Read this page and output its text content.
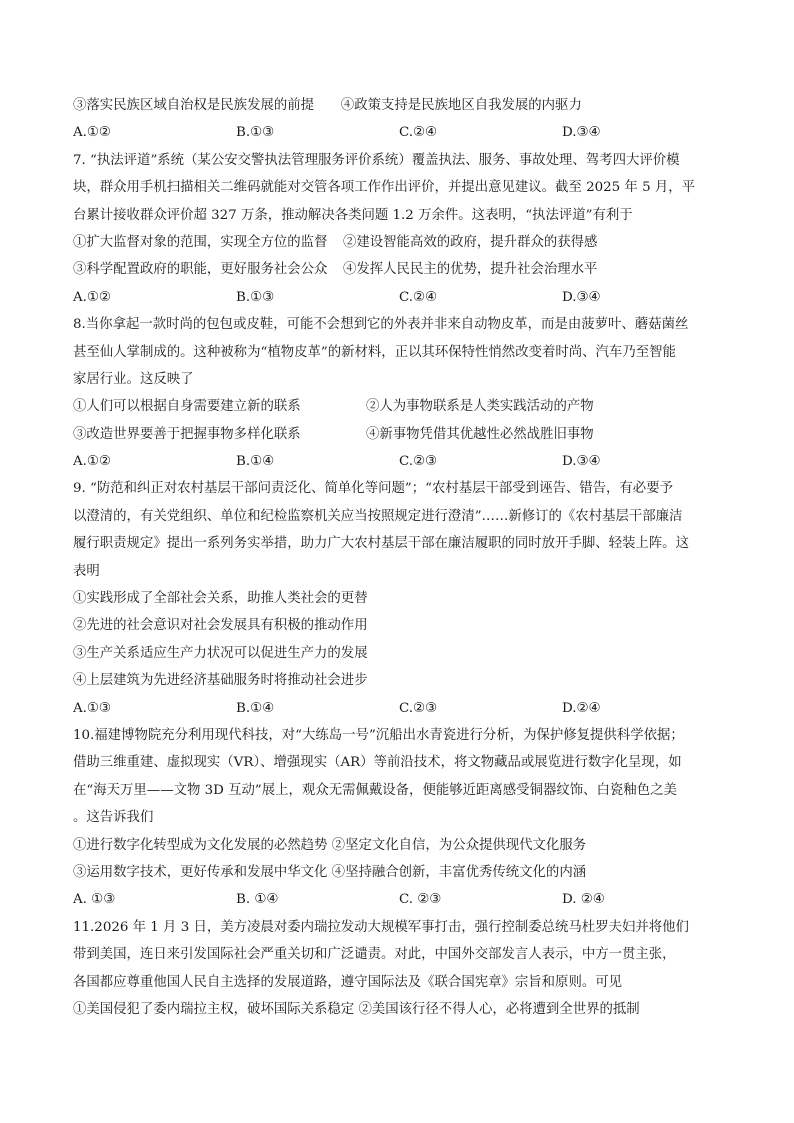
③落实民族区域自治权是民族发展的前提　　④政策支持是民族地区自我发展的内驱力
A.①②	B.①③	C.②④	D.③④
7. “执法评道”系统（某公安交警执法管理服务评价系统）覆盖执法、服务、事故处理、驾考四大评价模
块，群众用手机扫描相关二维码就能对交管各项工作作出评价，并提出意见建议。截至 2025 年 5 月，平
台累计接收群众评价超 327 万条，推动解决各类问题 1.2 万余件。这表明，“执法评道”有利于
①扩大监督对象的范围，实现全方位的监督	②建设智能高效的政府，提升群众的获得感
③科学配置政府的职能，更好服务社会公众	④发挥人民民主的优势，提升社会治理水平
A.①②	B.①③	C.②④	D.③④
8.当你拿起一款时尚的包包或皮鞋，可能不会想到它的外表并非来自动物皮革，而是由菠萝叶、蘑菇菌丝
甚至仙人掌制成的。这种被称为“植物皮革”的新材料，正以其环保特性悄然改变着时尚、汽车乃至智能
家居行业。这反映了
①人们可以根据自身需要建立新的联系	②人为事物联系是人类实践活动的产物
③改造世界要善于把握事物多样化联系	④新事物凭借其优越性必然战胜旧事物
A.①②	B.①④	C.②③	D.③④
9. “防范和纠正对农村基层干部问责泛化、简单化等问题”；“农村基层干部受到诬告、错告，有必要予
以澄清的，有关党组织、单位和纪检监察机关应当按照规定进行澄清”……新修订的《农村基层干部廉洁
履行职责规定》提出一系列务实举措，助力广大农村基层干部在廉洁履职的同时放开手脚、轻装上阵。这
表明
①实践形成了全部社会关系，助推人类社会的更替
②先进的社会意识对社会发展具有积极的推动作用
③生产关系适应生产力状况可以促进生产力的发展
④上层建筑为先进经济基础服务时将推动社会进步
A.①③	B.①④	C.②③	D.②④
10.福建博物院充分利用现代科技，对“大练岛一号”沉船出水青瓷进行分析，为保护修复提供科学依据；
借助三维重建、虚拟现实（VR）、增强现实（AR）等前沿技术，将文物藏品或展览进行数字化呈现，如
在“海天万里——文物 3D 互动”展上，观众无需佩戴设备，便能够近距离感受铜器纹饰、白瓷釉色之美
。这告诉我们
①进行数字化转型成为文化发展的必然趋势 ②坚定文化自信，为公众提供现代文化服务
③运用数字技术，更好传承和发展中华文化 ④坚持融合创新，丰富优秀传统文化的内涵
A. ①③	B. ①④	C. ②③	D. ②④
11.2026 年 1 月 3 日，美方凌晨对委内瑞拉发动大规模军事打击，强行控制委总统马杜罗夫妇并将他们
带到美国，连日来引发国际社会严重关切和广泛谴责。对此，中国外交部发言人表示，中方一贯主张，
各国都应尊重他国人民自主选择的发展道路，遵守国际法及《联合国宪章》宗旨和原则。可见
①美国侵犯了委内瑞拉主权，破坏国际关系稳定 ②美国该行径不得人心，必将遭到全世界的抵制
